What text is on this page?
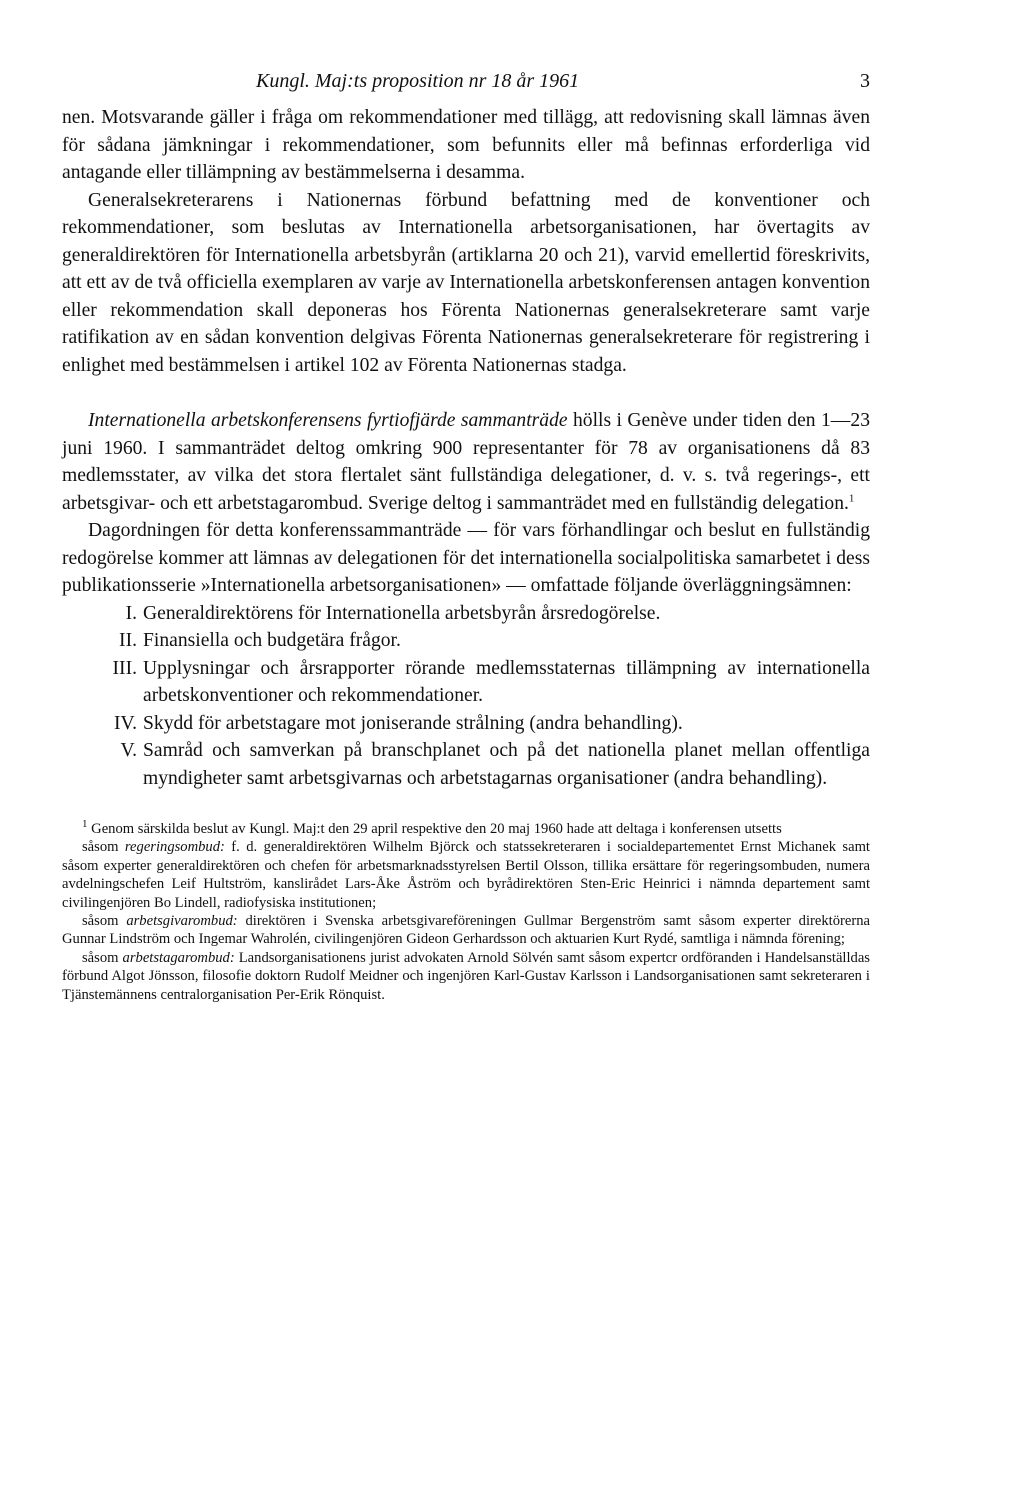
Kungl. Maj:ts proposition nr 18 år 1961	3

nen. Motsvarande gäller i fråga om rekommendationer med tillägg, att redovisning skall lämnas även för sådana jämkningar i rekommendationer, som befunnits eller må befinnas erforderliga vid antagande eller tillämpning av bestämmelserna i desamma.

Generalsekreterarens i Nationernas förbund befattning med de konventioner och rekommendationer, som beslutas av Internationella arbetsorganisationen, har övertagits av generaldirektören för Internationella arbetsbyrån (artiklarna 20 och 21), varvid emellertid föreskrivits, att ett av de två officiella exemplaren av varje av Internationella arbetskonferensen antagen konvention eller rekommendation skall deponeras hos Förenta Nationernas generalsekreterare samt varje ratifikation av en sådan konvention delgivas Förenta Nationernas generalsekreterare för registrering i enlighet med bestämmelsen i artikel 102 av Förenta Nationernas stadga.

Internationella arbetskonferensens fyrtiofjärde sammanträde hölls i Genève under tiden den 1—23 juni 1960. I sammanträdet deltog omkring 900 representanter för 78 av organisationens då 83 medlemsstater, av vilka det stora flertalet sänt fullständiga delegationer, d. v. s. två regerings-, ett arbetsgivar- och ett arbetstagarombud. Sverige deltog i sammanträdet med en fullständig delegation.$^1$

Dagordningen för detta konferenssammanträde — för vars förhandlingar och beslut en fullständig redogörelse kommer att lämnas av delegationen för det internationella socialpolitiska samarbetet i dess publikationsserie »Internationella arbetsorganisationen» — omfattade följande överläggningsämnen:

I. Generaldirektörens för Internationella arbetsbyrån årsredogörelse.
II. Finansiella och budgetära frågor.
III. Upplysningar och årsrapporter rörande medlemsstaternas tillämpning av internationella arbetskonventioner och rekommendationer.
IV. Skydd för arbetstagare mot joniserande strålning (andra behandling).
V. Samråd och samverkan på branschplanet och på det nationella planet mellan offentliga myndigheter samt arbetsgivarnas och arbetstagarnas organisationer (andra behandling).

$^1$ Genom särskilda beslut av Kungl. Maj:t den 29 april respektive den 20 maj 1960 hade att deltaga i konferensen utsetts

såsom regeringsombud: f. d. generaldirektören Wilhelm Björck och statssekreteraren i socialdepartementet Ernst Michanek samt såsom experter generaldirektören och chefen för arbetsmarknadsstyrelsen Bertil Olsson, tillika ersättare för regeringsombuden, numera avdelningschefen Leif Hultström, kanslirådet Lars-Åke Åström och byrådirektören Sten-Eric Heinrici i nämnda departement samt civilingenjören Bo Lindell, radiofysiska institutionen;

såsom arbetsgivarombud: direktören i Svenska arbetsgivareföreningen Gullmar Bergenström samt såsom experter direktörerna Gunnar Lindström och Ingemar Wahrolén, civilingenjören Gideon Gerhardsson och aktuarien Kurt Rydé, samtliga i nämnda förening;

såsom arbetstagarombud: Landsorganisationens jurist advokaten Arnold Sölvén samt såsom expertcr ordföranden i Handelsanställdas förbund Algot Jönsson, filosofie doktorn Rudolf Meidner och ingenjören Karl-Gustav Karlsson i Landsorganisationen samt sekreteraren i Tjänstemännens centralorganisation Per-Erik Rönquist.
